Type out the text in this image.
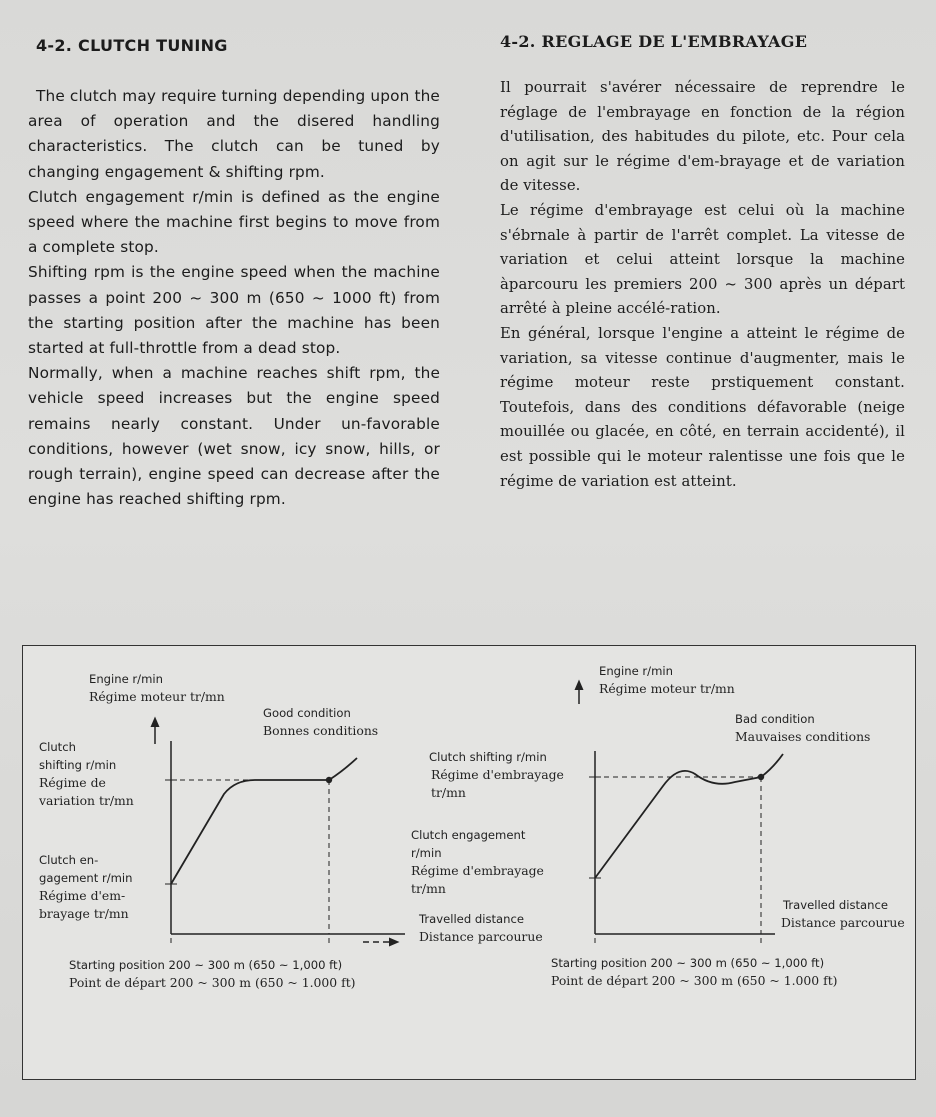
4-2. CLUTCH TUNING

The clutch may require turning depending upon the area of operation and the disered handling characteristics. The clutch can be tuned by changing engagement & shifting rpm.

Clutch engagement r/min is defined as the engine speed where the machine first begins to move from a complete stop.

Shifting rpm is the engine speed when the machine passes a point 200 ~ 300 m (650 ~ 1000 ft) from the starting position after the machine has been started at full-throttle from a dead stop.

Normally, when a machine reaches shift rpm, the vehicle speed increases but the engine speed remains nearly constant. Under un-favorable conditions, however (wet snow, icy snow, hills, or rough terrain), engine speed can decrease after the engine has reached shifting rpm.

4-2. REGLAGE DE L'EMBRAYAGE

Il pourrait s'avérer nécessaire de reprendre le réglage de l'embrayage en fonction de la région d'utilisation, des habitudes du pilote, etc. Pour cela on agit sur le régime d'em-brayage et de variation de vitesse.

Le régime d'embrayage est celui où la machine s'ébrnale à partir de l'arrêt complet. La vitesse de variation et celui atteint lorsque la machine àparcouru les premiers 200 ~ 300 après un départ arrêté à pleine accélé-ration.

En général, lorsque l'engine a atteint le régime de variation, sa vitesse continue d'augmenter, mais le régime moteur reste prstiquement constant. Toutefois, dans des conditions défavorable (neige mouillée ou glacée, en côté, en terrain accidenté), il est possible qui le moteur ralentisse une fois que le régime de variation est atteint.

Engine r/min
Régime moteur tr/mn
Good condition
Bonnes conditions
Clutch
shifting r/min
Régime de
variation tr/mn
Clutch en-
gagement r/min
Régime d'em-
brayage tr/mn	Travelled distance
Distance parcourue
Starting position 200 ~ 300 m (650 ~ 1,000 ft)
Point de départ 200 ~ 300 m (650 ~ 1.000 ft)
Engine r/min
Régime moteur tr/mn
Bad condition
Mauvaises conditions
Clutch shifting r/min
Régime d'embrayage
tr/mn
Clutch engagement
r/min
Régime d'embrayage
tr/mn
Travelled distance
Distance parcourue
Starting position 200 ~ 300 m (650 ~ 1,000 ft)
Point de départ 200 ~ 300 m (650 ~ 1.000 ft)
